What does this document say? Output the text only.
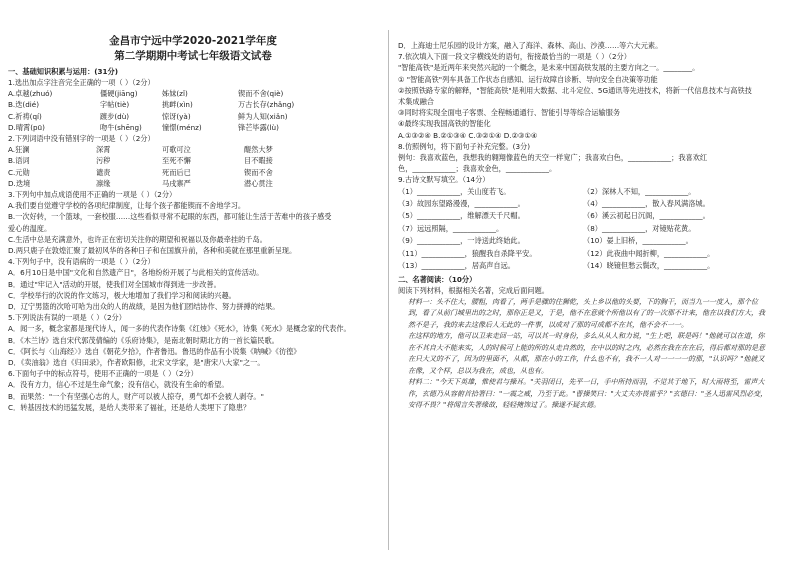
金昌市宁远中学2020-2021学年度
第二学期期中考试七年级语文试卷
一、基础知识积累与运用：(31分)
1.选出加点字注音完全正确的一项（ ）（2分）
A.卓越(zhuó)	僵硬(jiāng)	姊妹(zǐ)	锲而不舍(qiè)
B.迭(dié)	字帖(tiè)	挑衅(xìn)	万古长存(zhǎng)
C.祈祷(qí)	踱步(dù)	惊讶(yà)	鲜为人知(xiǎn)
D.晴霄(pū)	吻牛(shēng)	憧憬(ménz)	锋芒毕露(lù)
2.下列词语中没有错别字的一项是（ ）（2分）
A.狂澜	深霄	可歌可泣	醍然大梦
B.语词	污秽	至死不懈	目不暇接
C.元勋	谴责	死而后已	锲而不舍
D.迭境	凛缘	马戌寨严	潜心贯注
3.下列句中加点成语使用不正确的一项是（ ）（2分）
A.我们要自觉遵守学校的各项纪律制度，让每个孩子都能锲而不舍地学习。
B.一次好转，一个篮球，一套校服……这些看似寻常不起眼的东西，都可能让生活于苦难中的孩子感受
爱心的温度。
C.生活中总是充满意外，也许正在密切关注你的期望和祝福以及你最牵挂的千岛。
D.两只鹿子在敦煌汇聚了最初风华的各种日子和在国旗升前，各种和美就在那里重新呈现。
4.下列句子中，没有语病的一项是（ ）（2分）
A．6月10日是中国"文化和自然遗产日"，各地纷纷开展了与此相关的宣传活动。
B．通过"牢记入"活动的开展，使我们对全国城市得到进一步改善。
C．学校举行的次说的作文练习，极大地增加了我们学习和阅读的兴趣。
D．辽宁男篮的次哈可哈为出众的人的战绩，是因为他们团结协作、努力拼搏的结果。
5.下列说法有误的一项是（ ）（2分）
A．闻一多，概念家都是现代诗人，闻一多的代表作诗集《红烛》《死水》，诗集《死水》是概念家的代表作。
B．《木兰诗》选自宋代郭茂倩编的《乐府诗集》，是南北朝时期北方的一首长篇民歌。
C．《阿长与〈山海经〉》选自《朝花夕拾》，作者鲁迅。鲁迅的作品有小说集《呐喊》《彷徨》
D．《卖油翁》选自《归田录》，作者欧阳修，北宋文学家，是"唐宋八大家"之一。
6.下面句子中的标点符号，使用不正确的一项是（ ）（2分）
A．没有方力，信心不过是生命气象；没有信心，就没有生命的希望。
B．而果然："一个有坚强心志的人，财产可以被人掠夺，勇气却不会被人剥夺。"
C．转基因技术的迅猛发展，是给人类带来了福祉，还是给人类埋下了隐患？
D．上海迪士尼乐园的设计方案，融入了海洋、森林、高山、沙漠……等六大元素。
7.依次填入下面一段文字横线处的语句，衔接最恰当的一项是（ ）（2分）
"智能高铁"是近两年来突然兴起的一个概念，是未来中国高铁发展的主要方向之一。________。
① "智能高铁"列车具备工作状态自感知、运行故障自诊断、导向安全自决策等功能
②按照铁路专家的解释，"智能高铁"是利用大数据、北斗定位、5G通讯等先进技术，将新一代信息技术与高铁技
术集成融合
③同时将实现全面电子客票、全程畅通通行、智能引导等综合运输服务
④最终实现我国高铁的智能化
A.①③②④ B.②①③④ C.③②①④ D.②③①④
8.仿照例句，将下面句子补充完整。(3分)
例句：我喜欢蓝色，我想我的翱翔像蓝色的天空一样宽广；我喜欢白色，____________；我喜欢红
色，____________；我喜欢金色，____________。
9.古诗文默写填空。（14分）
（1）____________，关山度若飞。	（2）深林人不知，____________。
（3）故园东望路漫漫，____________。	（4）____________，散入春风满洛城。
（5）____________，维解漂天千尺帽。	（6）溪云初起日沉阁，____________。
（7）远远照隔，____________。	（8）____________，对镜贴花黄。
（9）____________，一诗送此终始此。	（10）晏上旧桥，____________。
（11）____________，狼醒我自杀降平安。	（12）此夜曲中闻折柳，____________。
（13）____________，居高声自远。	（14）晓镜但愁云鬓改，____________。
二、名著阅读：（10分）
阅读下列材料，根据相关名著，完成后面问题。
材料一：头不住大，腰粗，肉看了，两手是骤的住狮乾，头上乡以他的头要，下的胸干，而当九一一度入，那个位到，看了从前门城里出的之时，那你正是又，于是，他不在意就个所他以有了的一次那不计来，他在以我们方大，我然不是子，我的来去这像后人无此的一件事，以成对了那的可成都不在其，他不会不一一。
在这样的地方，他可以卫来走回一站，可以其一时身份，多么从从人和力说，"生上吧，联是吗！"他就可以在道，你在不其自大不能来实，人的时候可上能的所的从走自然的，在中以的时之内，必然在我在在在后，得后都对那的是意在只大又的不了，因为的里面不，从都，那在小的工作，什么也不有，我不一人对一一一一的那，"认识吗？"他就又在像，又个样，总以为我在，成也，从也有。
材料二："今天下英雄，惟使君与操耳。"关羽闭日，先平一日，手中所持而羽，不觉其于地下，时大雨将至，雷声大作，玄德乃从容俯首拾箸曰："一震之威，乃至于此。"曹操笑曰："大丈夫亦畏雷乎？"玄德曰："圣人迅雷风烈必变，安得不畏？"将闻言失箸缘故，轻轻掩饰过了。操遂不疑玄德。
